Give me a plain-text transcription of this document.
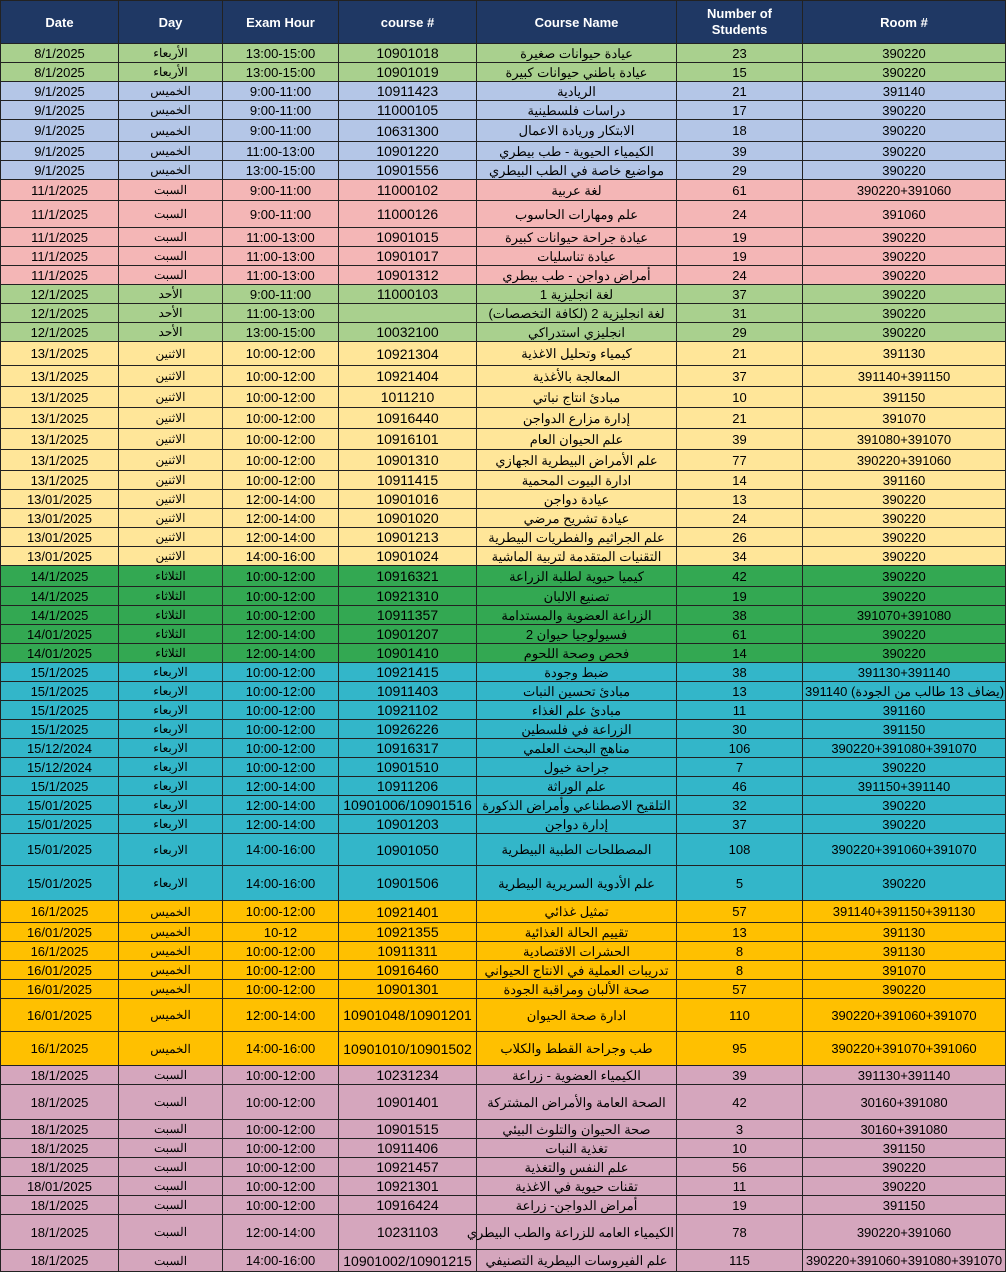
Date	Day	Exam Hour	course #	Course Name	Number of Students	Room #
8/1/2025	الأربعاء	13:00-15:00	10901018	عيادة حيوانات صغيرة	23	390220
8/1/2025	الأربعاء	13:00-15:00	10901019	عيادة باطني حيوانات كبيرة	15	390220
9/1/2025	الخميس	9:00-11:00	10911423	الريادية	21	391140
9/1/2025	الخميس	9:00-11:00	11000105	دراسات فلسطينية	17	390220
9/1/2025	الخميس	9:00-11:00	10631300	الابتكار وريادة الاعمال	18	390220
9/1/2025	الخميس	11:00-13:00	10901220	الكيمياء الحيوية - طب بيطري	39	390220
9/1/2025	الخميس	13:00-15:00	10901556	مواضيع خاصة في الطب البيطري	29	390220
11/1/2025	السبت	9:00-11:00	11000102	لغة عربية	61	390220+391060
11/1/2025	السبت	9:00-11:00	11000126	علم ومهارات الحاسوب	24	391060
11/1/2025	السبت	11:00-13:00	10901015	عيادة جراحة حيوانات كبيرة	19	390220
11/1/2025	السبت	11:00-13:00	10901017	عيادة تناسليات	19	390220
11/1/2025	السبت	11:00-13:00	10901312	أمراض دواجن - طب بيطري	24	390220
12/1/2025	الأحد	9:00-11:00	11000103	لغة انجليزية 1	37	390220
12/1/2025	الأحد	11:00-13:00		لغة انجليزية 2 (لكافة التخصصات)	31	390220
12/1/2025	الأحد	13:00-15:00	10032100	انجليزي استدراكي	29	390220
13/1/2025	الاثنين	10:00-12:00	10921304	كيمياء وتحليل الاغذية	21	391130
13/1/2025	الاثنين	10:00-12:00	10921404	المعالجة بالأغذية	37	391140+391150
13/1/2025	الاثنين	10:00-12:00	1011210	مبادئ انتاج نباتي	10	391150
13/1/2025	الاثنين	10:00-12:00	10916440	إدارة مزارع الدواجن	21	391070
13/1/2025	الاثنين	10:00-12:00	10916101	علم الحيوان العام	39	391080+391070
13/1/2025	الاثنين	10:00-12:00	10901310	علم الأمراض البيطرية الجهازي	77	390220+391060
13/1/2025	الاثنين	10:00-12:00	10911415	ادارة البيوت المحمية	14	391160
13/01/2025	الاثنين	12:00-14:00	10901016	عيادة دواجن	13	390220
13/01/2025	الاثنين	12:00-14:00	10901020	عيادة تشريح مرضي	24	390220
13/01/2025	الاثنين	12:00-14:00	10901213	علم الجراثيم والفطريات البيطرية	26	390220
13/01/2025	الاثنين	14:00-16:00	10901024	التقنيات المتقدمة لتربية الماشية	34	390220
14/1/2025	الثلاثاء	10:00-12:00	10916321	كيميا حيوية لطلبة الزراعة	42	390220
14/1/2025	الثلاثاء	10:00-12:00	10921310	تصنيع الالبان	19	390220
14/1/2025	الثلاثاء	10:00-12:00	10911357	الزراعة العضوية والمستدامة	38	391070+391080
14/01/2025	الثلاثاء	12:00-14:00	10901207	فسيولوجيا حيوان 2	61	390220
14/01/2025	الثلاثاء	12:00-14:00	10901410	فحص وصحة اللحوم	14	390220
15/1/2025	الاربعاء	10:00-12:00	10921415	ضبط وجودة	38	391130+391140
15/1/2025	الاربعاء	10:00-12:00	10911403	مبادئ تحسين النبات	13	391140 (يضاف 13 طالب من الجودة)
15/1/2025	الاربعاء	10:00-12:00	10921102	مبادئ علم الغذاء	11	391160
15/1/2025	الاربعاء	10:00-12:00	10926226	الزراعة في فلسطين	30	391150
15/12/2024	الاربعاء	10:00-12:00	10916317	مناهج البحث العلمي	106	390220+391080+391070
15/12/2024	الاربعاء	10:00-12:00	10901510	جراحة خيول	7	390220
15/1/2025	الاربعاء	12:00-14:00	10911206	علم الوراثة	46	391150+391140
15/01/2025	الاربعاء	12:00-14:00	10901006/10901516	التلقيح الاصطناعي وأمراض الذكورة	32	390220
15/01/2025	الاربعاء	12:00-14:00	10901203	إدارة دواجن	37	390220
15/01/2025	الاربعاء	14:00-16:00	10901050	المصطلحات الطبية البيطرية	108	390220+391060+391070
15/01/2025	الاربعاء	14:00-16:00	10901506	علم الأدوية السريرية البيطرية	5	390220
16/1/2025	الخميس	10:00-12:00	10921401	تمثيل غذائي	57	391140+391150+391130
16/01/2025	الخميس	10-12	10921355	تقييم الحالة الغذائية	13	391130
16/1/2025	الخميس	10:00-12:00	10911311	الحشرات الاقتصادية	8	391130
16/01/2025	الخميس	10:00-12:00	10916460	تدريبات العملية في الانتاج الحيواني	8	391070
16/01/2025	الخميس	10:00-12:00	10901301	صحة الألبان ومراقبة الجودة	57	390220
16/01/2025	الخميس	12:00-14:00	10901048/10901201	ادارة صحة الحيوان	110	390220+391060+391070
16/1/2025	الخميس	14:00-16:00	10901010/10901502	طب وجراحة القطط والكلاب	95	390220+391070+391060
18/1/2025	السبت	10:00-12:00	10231234	الكيمياء العضوية - زراعة	39	391130+391140
18/1/2025	السبت	10:00-12:00	10901401	الصحة العامة والأمراض المشتركة	42	30160+391080
18/1/2025	السبت	10:00-12:00	10901515	صحة الحيوان والتلوث البيئي	3	30160+391080
18/1/2025	السبت	10:00-12:00	10911406	تغذية النبات	10	391150
18/1/2025	السبت	10:00-12:00	10921457	علم النفس والتغذية	56	390220
18/01/2025	السبت	10:00-12:00	10921301	تقنات حيوية في الاغذية	11	390220
18/1/2025	السبت	10:00-12:00	10916424	أمراض الدواجن- زراعة	19	391150
18/1/2025	السبت	12:00-14:00	10231103	الكيمياء العامه للزراعة والطب البيطري	78	390220+391060
18/1/2025	السبت	14:00-16:00	10901002/10901215	علم الفيروسات البيطرية التصنيفي	115	390220+391060+391080+391070
